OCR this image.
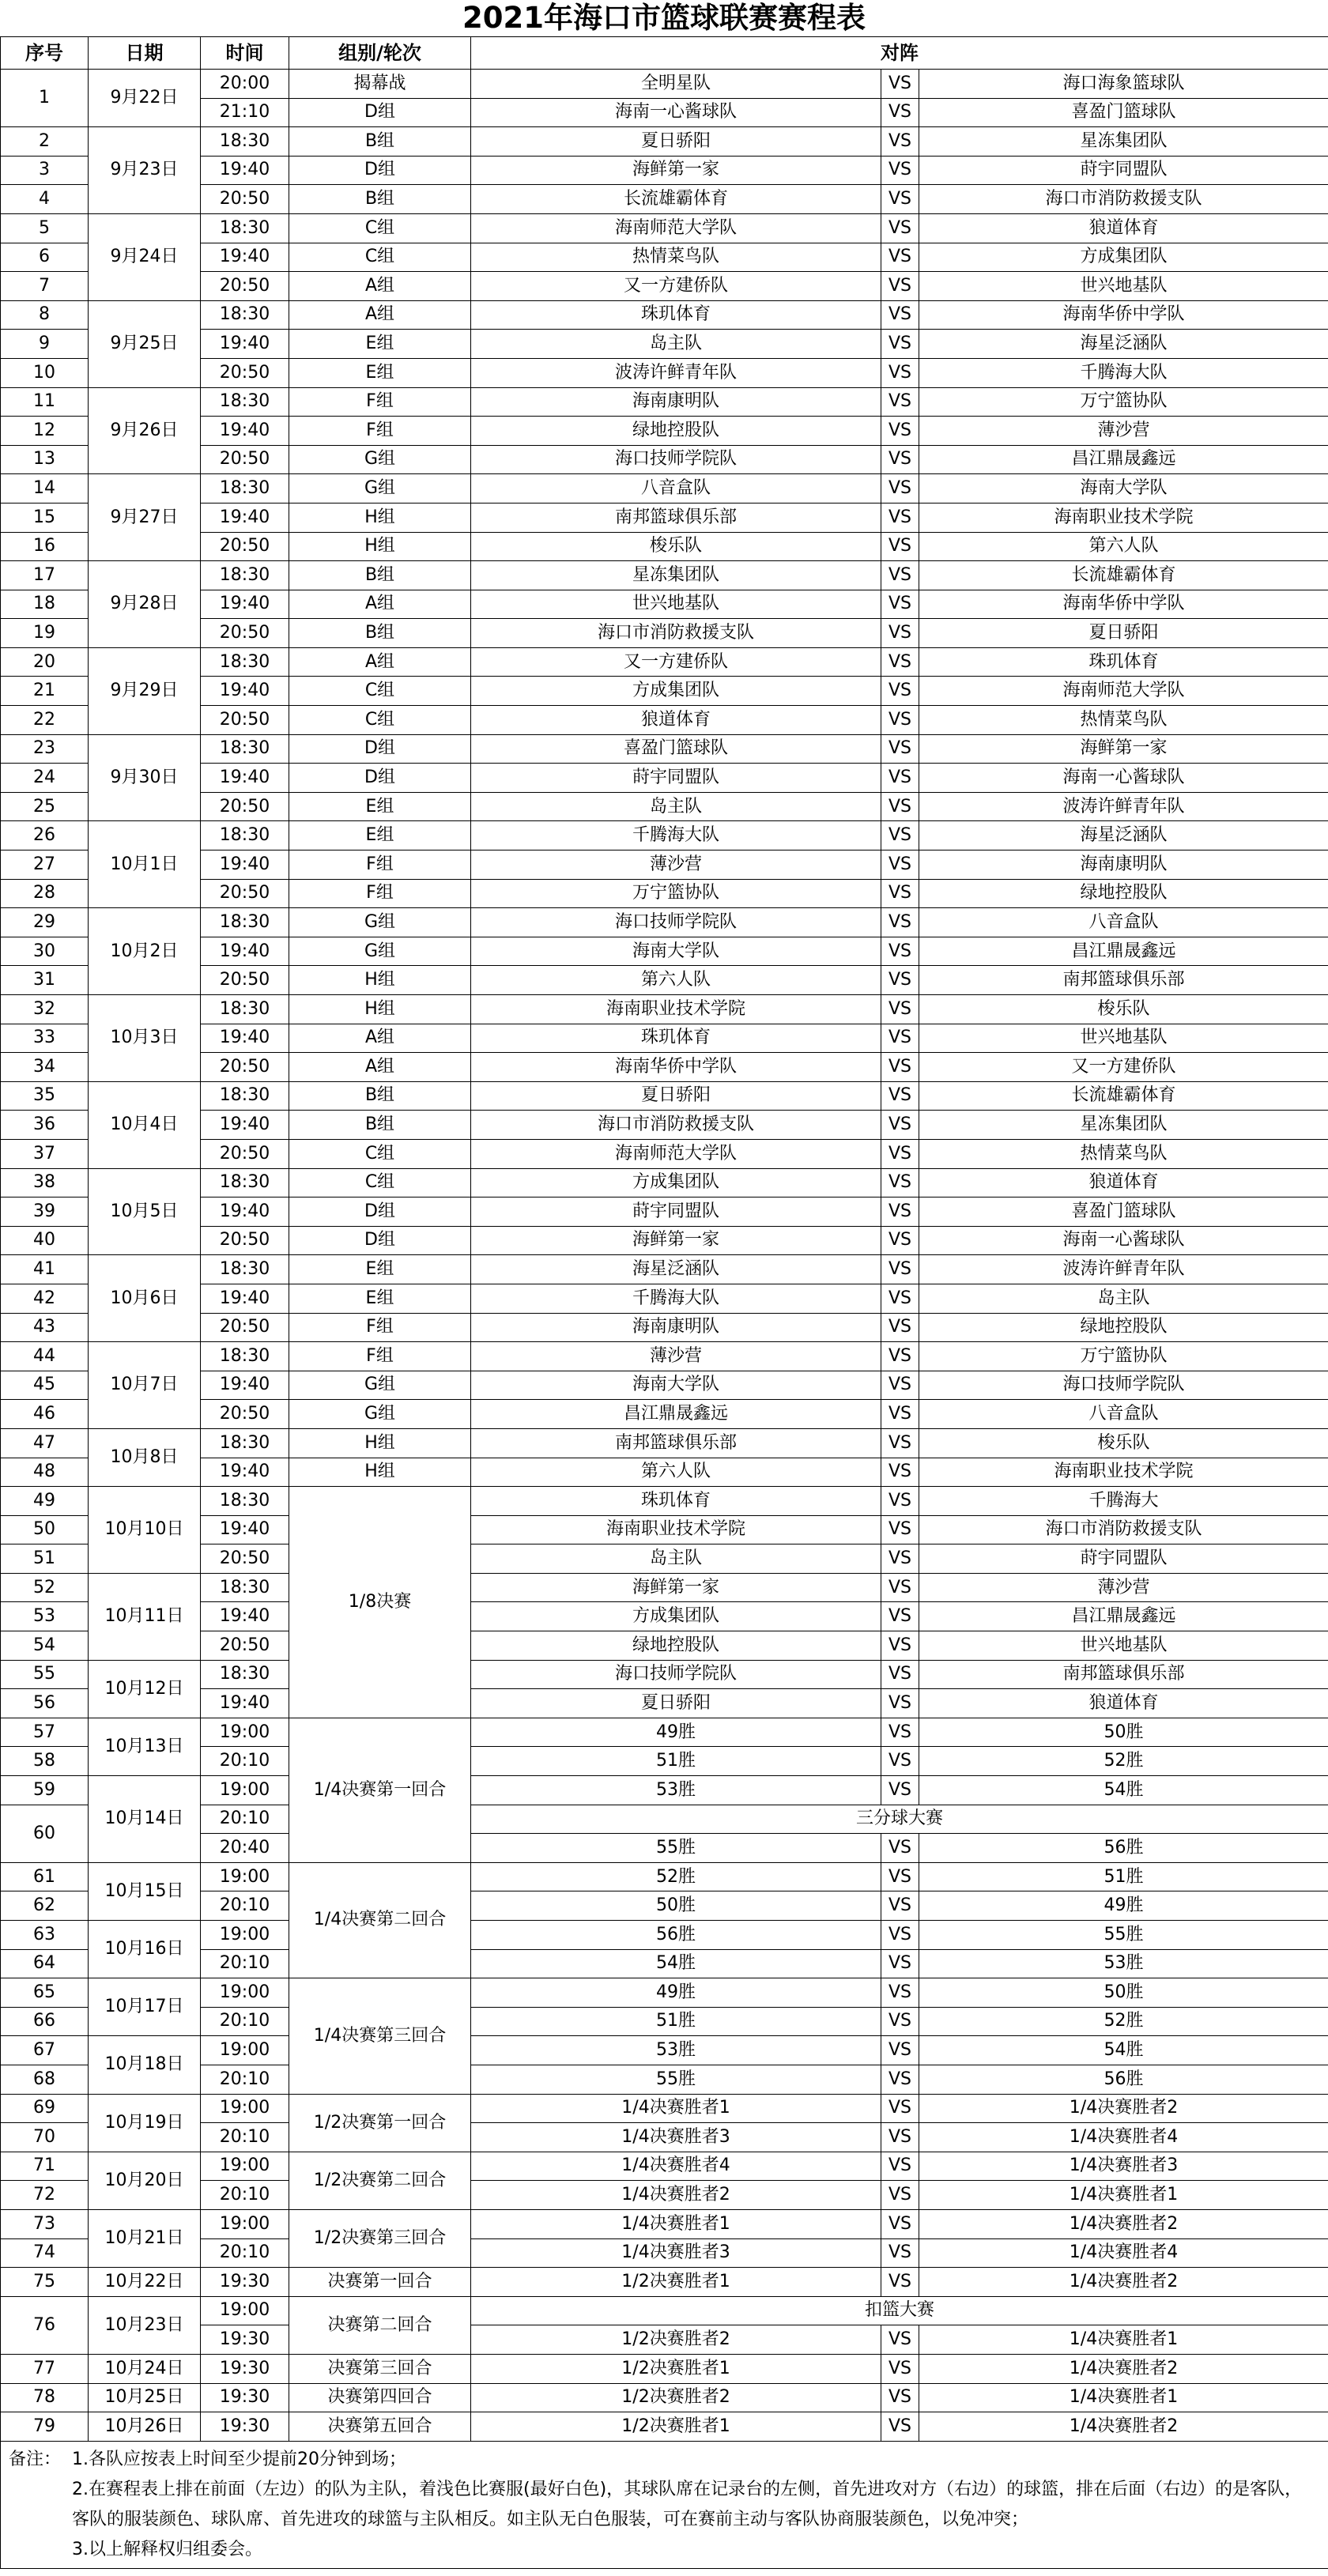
2021年海口市篮球联赛赛程表
序号	日期	时间	组别/轮次	对阵		
1	9月22日	20:00	揭幕战	全明星队	VS	海口海象篮球队
		21:10	D组	海南一心酱球队	VS	喜盈门篮球队
2	9月23日	18:30	B组	夏日骄阳	VS	星冻集团队
3		19:40	D组	海鲜第一家	VS	莳宇同盟队
4		20:50	B组	长流雄霸体育	VS	海口市消防救援支队
5	9月24日	18:30	C组	海南师范大学队	VS	狼道体育
6		19:40	C组	热情菜鸟队	VS	方成集团队
7		20:50	A组	又一方建侨队	VS	世兴地基队
8	9月25日	18:30	A组	珠玑体育	VS	海南华侨中学队
9		19:40	E组	岛主队	VS	海星泛涵队
10		20:50	E组	波涛许鲜青年队	VS	千腾海大队
11	9月26日	18:30	F组	海南康明队	VS	万宁篮协队
12		19:40	F组	绿地控股队	VS	薄沙营
13		20:50	G组	海口技师学院队	VS	昌江鼎晟鑫远
14	9月27日	18:30	G组	八音盒队	VS	海南大学队
15		19:40	H组	南邦篮球俱乐部	VS	海南职业技术学院
16		20:50	H组	梭乐队	VS	第六人队
17	9月28日	18:30	B组	星冻集团队	VS	长流雄霸体育
18		19:40	A组	世兴地基队	VS	海南华侨中学队
19		20:50	B组	海口市消防救援支队	VS	夏日骄阳
20	9月29日	18:30	A组	又一方建侨队	VS	珠玑体育
21		19:40	C组	方成集团队	VS	海南师范大学队
22		20:50	C组	狼道体育	VS	热情菜鸟队
23	9月30日	18:30	D组	喜盈门篮球队	VS	海鲜第一家
24		19:40	D组	莳宇同盟队	VS	海南一心酱球队
25		20:50	E组	岛主队	VS	波涛许鲜青年队
26	10月1日	18:30	E组	千腾海大队	VS	海星泛涵队
27		19:40	F组	薄沙营	VS	海南康明队
28		20:50	F组	万宁篮协队	VS	绿地控股队
29	10月2日	18:30	G组	海口技师学院队	VS	八音盒队
30		19:40	G组	海南大学队	VS	昌江鼎晟鑫远
31		20:50	H组	第六人队	VS	南邦篮球俱乐部
32	10月3日	18:30	H组	海南职业技术学院	VS	梭乐队
33		19:40	A组	珠玑体育	VS	世兴地基队
34		20:50	A组	海南华侨中学队	VS	又一方建侨队
35	10月4日	18:30	B组	夏日骄阳	VS	长流雄霸体育
36		19:40	B组	海口市消防救援支队	VS	星冻集团队
37		20:50	C组	海南师范大学队	VS	热情菜鸟队
38	10月5日	18:30	C组	方成集团队	VS	狼道体育
39		19:40	D组	莳宇同盟队	VS	喜盈门篮球队
40		20:50	D组	海鲜第一家	VS	海南一心酱球队
41	10月6日	18:30	E组	海星泛涵队	VS	波涛许鲜青年队
42		19:40	E组	千腾海大队	VS	岛主队
43		20:50	F组	海南康明队	VS	绿地控股队
44	10月7日	18:30	F组	薄沙营	VS	万宁篮协队
45		19:40	G组	海南大学队	VS	海口技师学院队
46		20:50	G组	昌江鼎晟鑫远	VS	八音盒队
47	10月8日	18:30	H组	南邦篮球俱乐部	VS	梭乐队
48		19:40	H组	第六人队	VS	海南职业技术学院
49	10月10日	18:30	1/8决赛	珠玑体育	VS	千腾海大
50		19:40		海南职业技术学院	VS	海口市消防救援支队
51		20:50		岛主队	VS	莳宇同盟队
52	10月11日	18:30		海鲜第一家	VS	薄沙营
53		19:40		方成集团队	VS	昌江鼎晟鑫远
54		20:50		绿地控股队	VS	世兴地基队
55	10月12日	18:30		海口技师学院队	VS	南邦篮球俱乐部
56		19:40		夏日骄阳	VS	狼道体育
57	10月13日	19:00	1/4决赛第一回合	49胜	VS	50胜
58		20:10		51胜	VS	52胜
59	10月14日	19:00		53胜	VS	54胜
60		20:10		三分球大赛		
		20:40		55胜	VS	56胜
61	10月15日	19:00	1/4决赛第二回合	52胜	VS	51胜
62		20:10		50胜	VS	49胜
63	10月16日	19:00		56胜	VS	55胜
64		20:10		54胜	VS	53胜
65	10月17日	19:00	1/4决赛第三回合	49胜	VS	50胜
66		20:10		51胜	VS	52胜
67	10月18日	19:00		53胜	VS	54胜
68		20:10		55胜	VS	56胜
69	10月19日	19:00	1/2决赛第一回合	1/4决赛胜者1	VS	1/4决赛胜者2
70		20:10		1/4决赛胜者3	VS	1/4决赛胜者4
71	10月20日	19:00	1/2决赛第二回合	1/4决赛胜者4	VS	1/4决赛胜者3
72		20:10		1/4决赛胜者2	VS	1/4决赛胜者1
73	10月21日	19:00	1/2决赛第三回合	1/4决赛胜者1	VS	1/4决赛胜者2
74		20:10		1/4决赛胜者3	VS	1/4决赛胜者4
75	10月22日	19:30	决赛第一回合	1/2决赛胜者1	VS	1/4决赛胜者2
76	10月23日	19:00	决赛第二回合	扣篮大赛		
		19:30		1/2决赛胜者2	VS	1/4决赛胜者1
77	10月24日	19:30	决赛第三回合	1/2决赛胜者1	VS	1/4决赛胜者2
78	10月25日	19:30	决赛第四回合	1/2决赛胜者2	VS	1/4决赛胜者1
79	10月26日	19:30	决赛第五回合	1/2决赛胜者1	VS	1/4决赛胜者2

备注： 1.各队应按表上时间至少提前20分钟到场；
2.在赛程表上排在前面（左边）的队为主队，着浅色比赛服(最好白色)，其球队席在记录台的左侧，首先进攻对方（右边）的球篮，排在后面（右边）的是客队，客队的服装颜色、球队席、首先进攻的球篮与主队相反。如主队无白色服装，可在赛前主动与客队协商服装颜色，以免冲突；
3.以上解释权归组委会。						
